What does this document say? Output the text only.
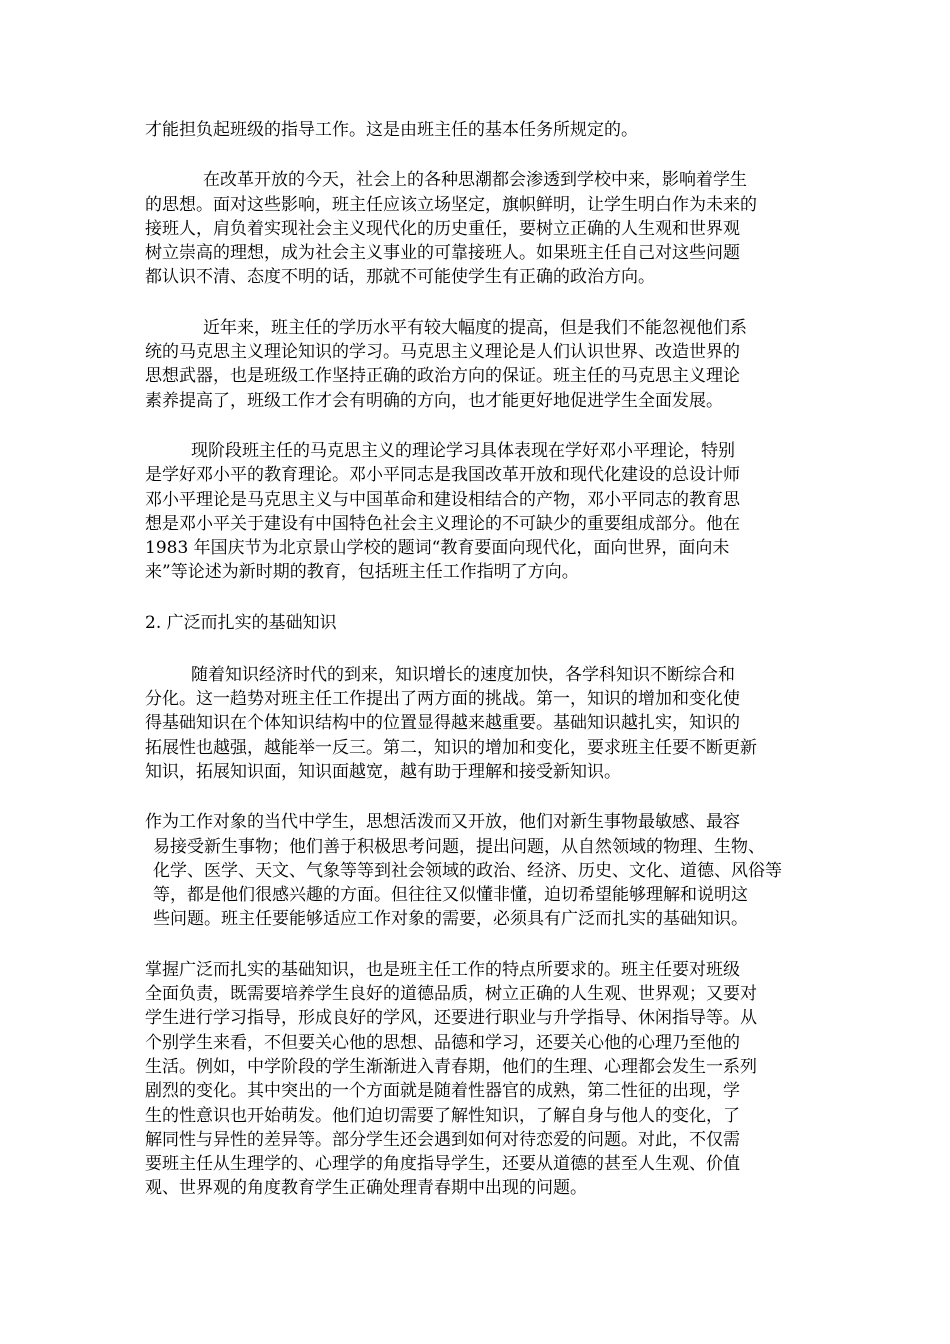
才能担负起班级的指导工作。这是由班主任的基本任务所规定的。
在改革开放的今天，社会上的各种思潮都会渗透到学校中来，影响着学生
的思想。面对这些影响，班主任应该立场坚定，旗帜鲜明，让学生明白作为未来的
接班人，肩负着实现社会主义现代化的历史重任，要树立正确的人生观和世界观
树立崇高的理想，成为社会主义事业的可靠接班人。如果班主任自己对这些问题
都认识不清、态度不明的话，那就不可能使学生有正确的政治方向。
近年来，班主任的学历水平有较大幅度的提高，但是我们不能忽视他们系
统的马克思主义理论知识的学习。马克思主义理论是人们认识世界、改造世界的
思想武器，也是班级工作坚持正确的政治方向的保证。班主任的马克思主义理论
素养提高了，班级工作才会有明确的方向，也才能更好地促进学生全面发展。
现阶段班主任的马克思主义的理论学习具体表现在学好邓小平理论，特别
是学好邓小平的教育理论。邓小平同志是我国改革开放和现代化建设的总设计师
邓小平理论是马克思主义与中国革命和建设相结合的产物，邓小平同志的教育思
想是邓小平关于建设有中国特色社会主义理论的不可缺少的重要组成部分。他在
1983 年国庆节为北京景山学校的题词“教育要面向现代化，面向世界，面向未
来”等论述为新时期的教育，包括班主任工作指明了方向。
2. 广泛而扎实的基础知识
随着知识经济时代的到来，知识增长的速度加快，各学科知识不断综合和
分化。这一趋势对班主任工作提出了两方面的挑战。第一，知识的增加和变化使
得基础知识在个体知识结构中的位置显得越来越重要。基础知识越扎实，知识的
拓展性也越强，越能举一反三。第二，知识的增加和变化，要求班主任要不断更新
知识，拓展知识面，知识面越宽，越有助于理解和接受新知识。
作为工作对象的当代中学生，思想活泼而又开放，他们对新生事物最敏感、最容
易接受新生事物；他们善于积极思考问题，提出问题，从自然领域的物理、生物、
化学、医学、天文、气象等等到社会领域的政治、经济、历史、文化、道德、风俗等
等，都是他们很感兴趣的方面。但往往又似懂非懂，迫切希望能够理解和说明这
些问题。班主任要能够适应工作对象的需要，必须具有广泛而扎实的基础知识。
掌握广泛而扎实的基础知识，也是班主任工作的特点所要求的。班主任要对班级
全面负责，既需要培养学生良好的道德品质，树立正确的人生观、世界观；又要对
学生进行学习指导，形成良好的学风，还要进行职业与升学指导、休闲指导等。从
个别学生来看，不但要关心他的思想、品德和学习，还要关心他的心理乃至他的
生活。例如，中学阶段的学生渐渐进入青春期，他们的生理、心理都会发生一系列
剧烈的变化。其中突出的一个方面就是随着性器官的成熟，第二性征的出现，学
生的性意识也开始萌发。他们迫切需要了解性知识，了解自身与他人的变化，了
解同性与异性的差异等。部分学生还会遇到如何对待恋爱的问题。对此，不仅需
要班主任从生理学的、心理学的角度指导学生，还要从道德的甚至人生观、价值
观、世界观的角度教育学生正确处理青春期中出现的问题。
